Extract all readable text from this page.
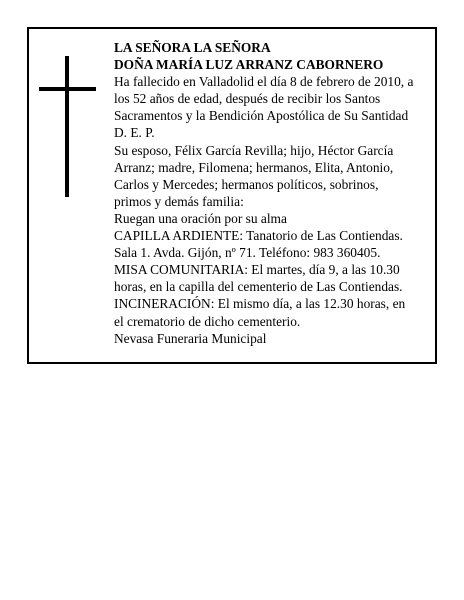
LA SEÑORA LA SEÑORA
DOÑA MARÍA LUZ ARRANZ CABORNERO
Ha fallecido en Valladolid el día 8 de febrero de 2010, a
los 52 años de edad, después de recibir los Santos
Sacramentos y la Bendición Apostólica de Su Santidad
D. E. P.
Su esposo, Félix García Revilla; hijo, Héctor García
Arranz; madre, Filomena; hermanos, Elita, Antonio,
Carlos y Mercedes; hermanos políticos, sobrinos,
primos y demás familia:
Ruegan una oración por su alma
CAPILLA ARDIENTE: Tanatorio de Las Contiendas.
Sala 1. Avda. Gijón, nº 71. Teléfono: 983 360405.
MISA COMUNITARIA: El martes, día 9, a las 10.30
horas, en la capilla del cementerio de Las Contiendas.
INCINERACIÓN: El mismo día, a las 12.30 horas, en
el crematorio de dicho cementerio.
Nevasa Funeraria Municipal
